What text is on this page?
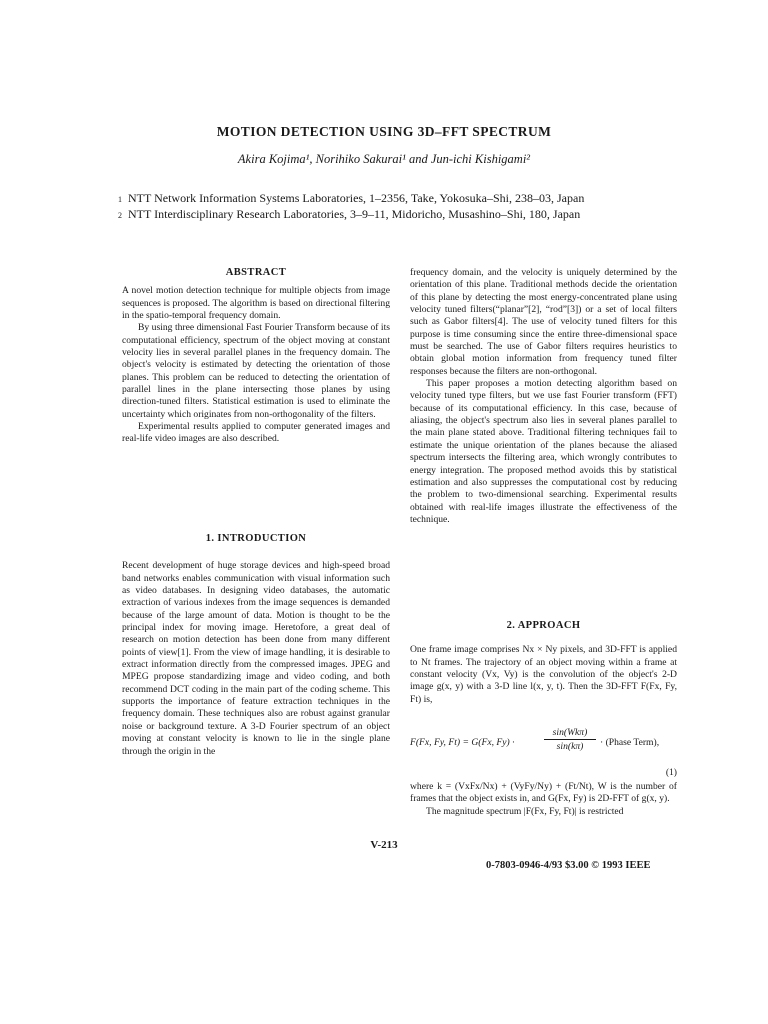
MOTION DETECTION USING 3D–FFT SPECTRUM
Akira Kojima¹, Norihiko Sakurai¹ and Jun-ichi Kishigami²
1 NTT Network Information Systems Laboratories, 1–2356, Take, Yokosuka–Shi, 238–03, Japan
2 NTT Interdisciplinary Research Laboratories, 3–9–11, Midoricho, Musashino–Shi, 180, Japan
ABSTRACT

A novel motion detection technique for multiple objects from image sequences is proposed. The algorithm is based on directional filtering in the spatio-temporal frequency domain.

By using three dimensional Fast Fourier Transform because of its computational efficiency, spectrum of the object moving at constant velocity lies in several parallel planes in the frequency domain. The object's velocity is estimated by detecting the orientation of those planes. This problem can be reduced to detecting the orientation of parallel lines in the plane intersecting those planes by using direction-tuned filters. Statistical estimation is used to eliminate the uncertainty which originates from non-orthogonality of the filters.

Experimental results applied to computer generated images and real-life video images are also described.

1. INTRODUCTION

Recent development of huge storage devices and high-speed broad band networks enables communication with visual information such as video databases. In designing video databases, the automatic extraction of various indexes from the image sequences is demanded because of the large amount of data. Motion is thought to be the principal index for moving image. Heretofore, a great deal of research on motion detection has been done from many different points of view[1]. From the view of image handling, it is desirable to extract information directly from the compressed images. JPEG and MPEG propose standardizing image and video coding, and both recommend DCT coding in the main part of the coding scheme. This supports the importance of feature extraction techniques in the frequency domain. These techniques also are robust against granular noise or background texture. A 3-D Fourier spectrum of an object moving at constant velocity is known to lie in the single plane through the origin in the

frequency domain, and the velocity is uniquely determined by the orientation of this plane. Traditional methods decide the orientation of this plane by detecting the most energy-concentrated plane using velocity tuned filters(“planar”[2], “rod”[3]) or a set of local filters such as Gabor filters[4]. The use of velocity tuned filters for this purpose is time consuming since the entire three-dimensional space must be searched. The use of Gabor filters requires heuristics to obtain global motion information from frequency tuned filter responses because the filters are non-orthogonal.

This paper proposes a motion detecting algorithm based on velocity tuned type filters, but we use fast Fourier transform (FFT) because of its computational efficiency. In this case, because of aliasing, the object's spectrum also lies in several planes parallel to the main plane stated above. Traditional filtering techniques fail to estimate the unique orientation of the planes because the aliased spectrum intersects the filtering area, which wrongly contributes to energy integration. The proposed method avoids this by statistical estimation and also suppresses the computational cost by reducing the problem to two-dimensional searching. Experimental results obtained with real-life images illustrate the effectiveness of the technique.

2. APPROACH

One frame image comprises Nx × Ny pixels, and 3D-FFT is applied to Nt frames. The trajectory of an object moving within a frame at constant velocity (Vx, Vy) is the convolution of the object's 2-D image g(x, y) with a 3-D line l(x, y, t). Then the 3D-FFT F(Fx, Fy, Ft) is,

F(Fx, Fy, Ft) = G(Fx, Fy) ·
sin(Wkπ)
sin(kπ)	· (Phase Term),
(1)

where k = (VxFx/Nx) + (VyFy/Ny) + (Ft/Nt), W is the number of frames that the object exists in, and G(Fx, Fy) is 2D-FFT of g(x, y).

The magnitude spectrum |F(Fx, Fy, Ft)| is restricted

V-213
0-7803-0946-4/93 $3.00 © 1993 IEEE
